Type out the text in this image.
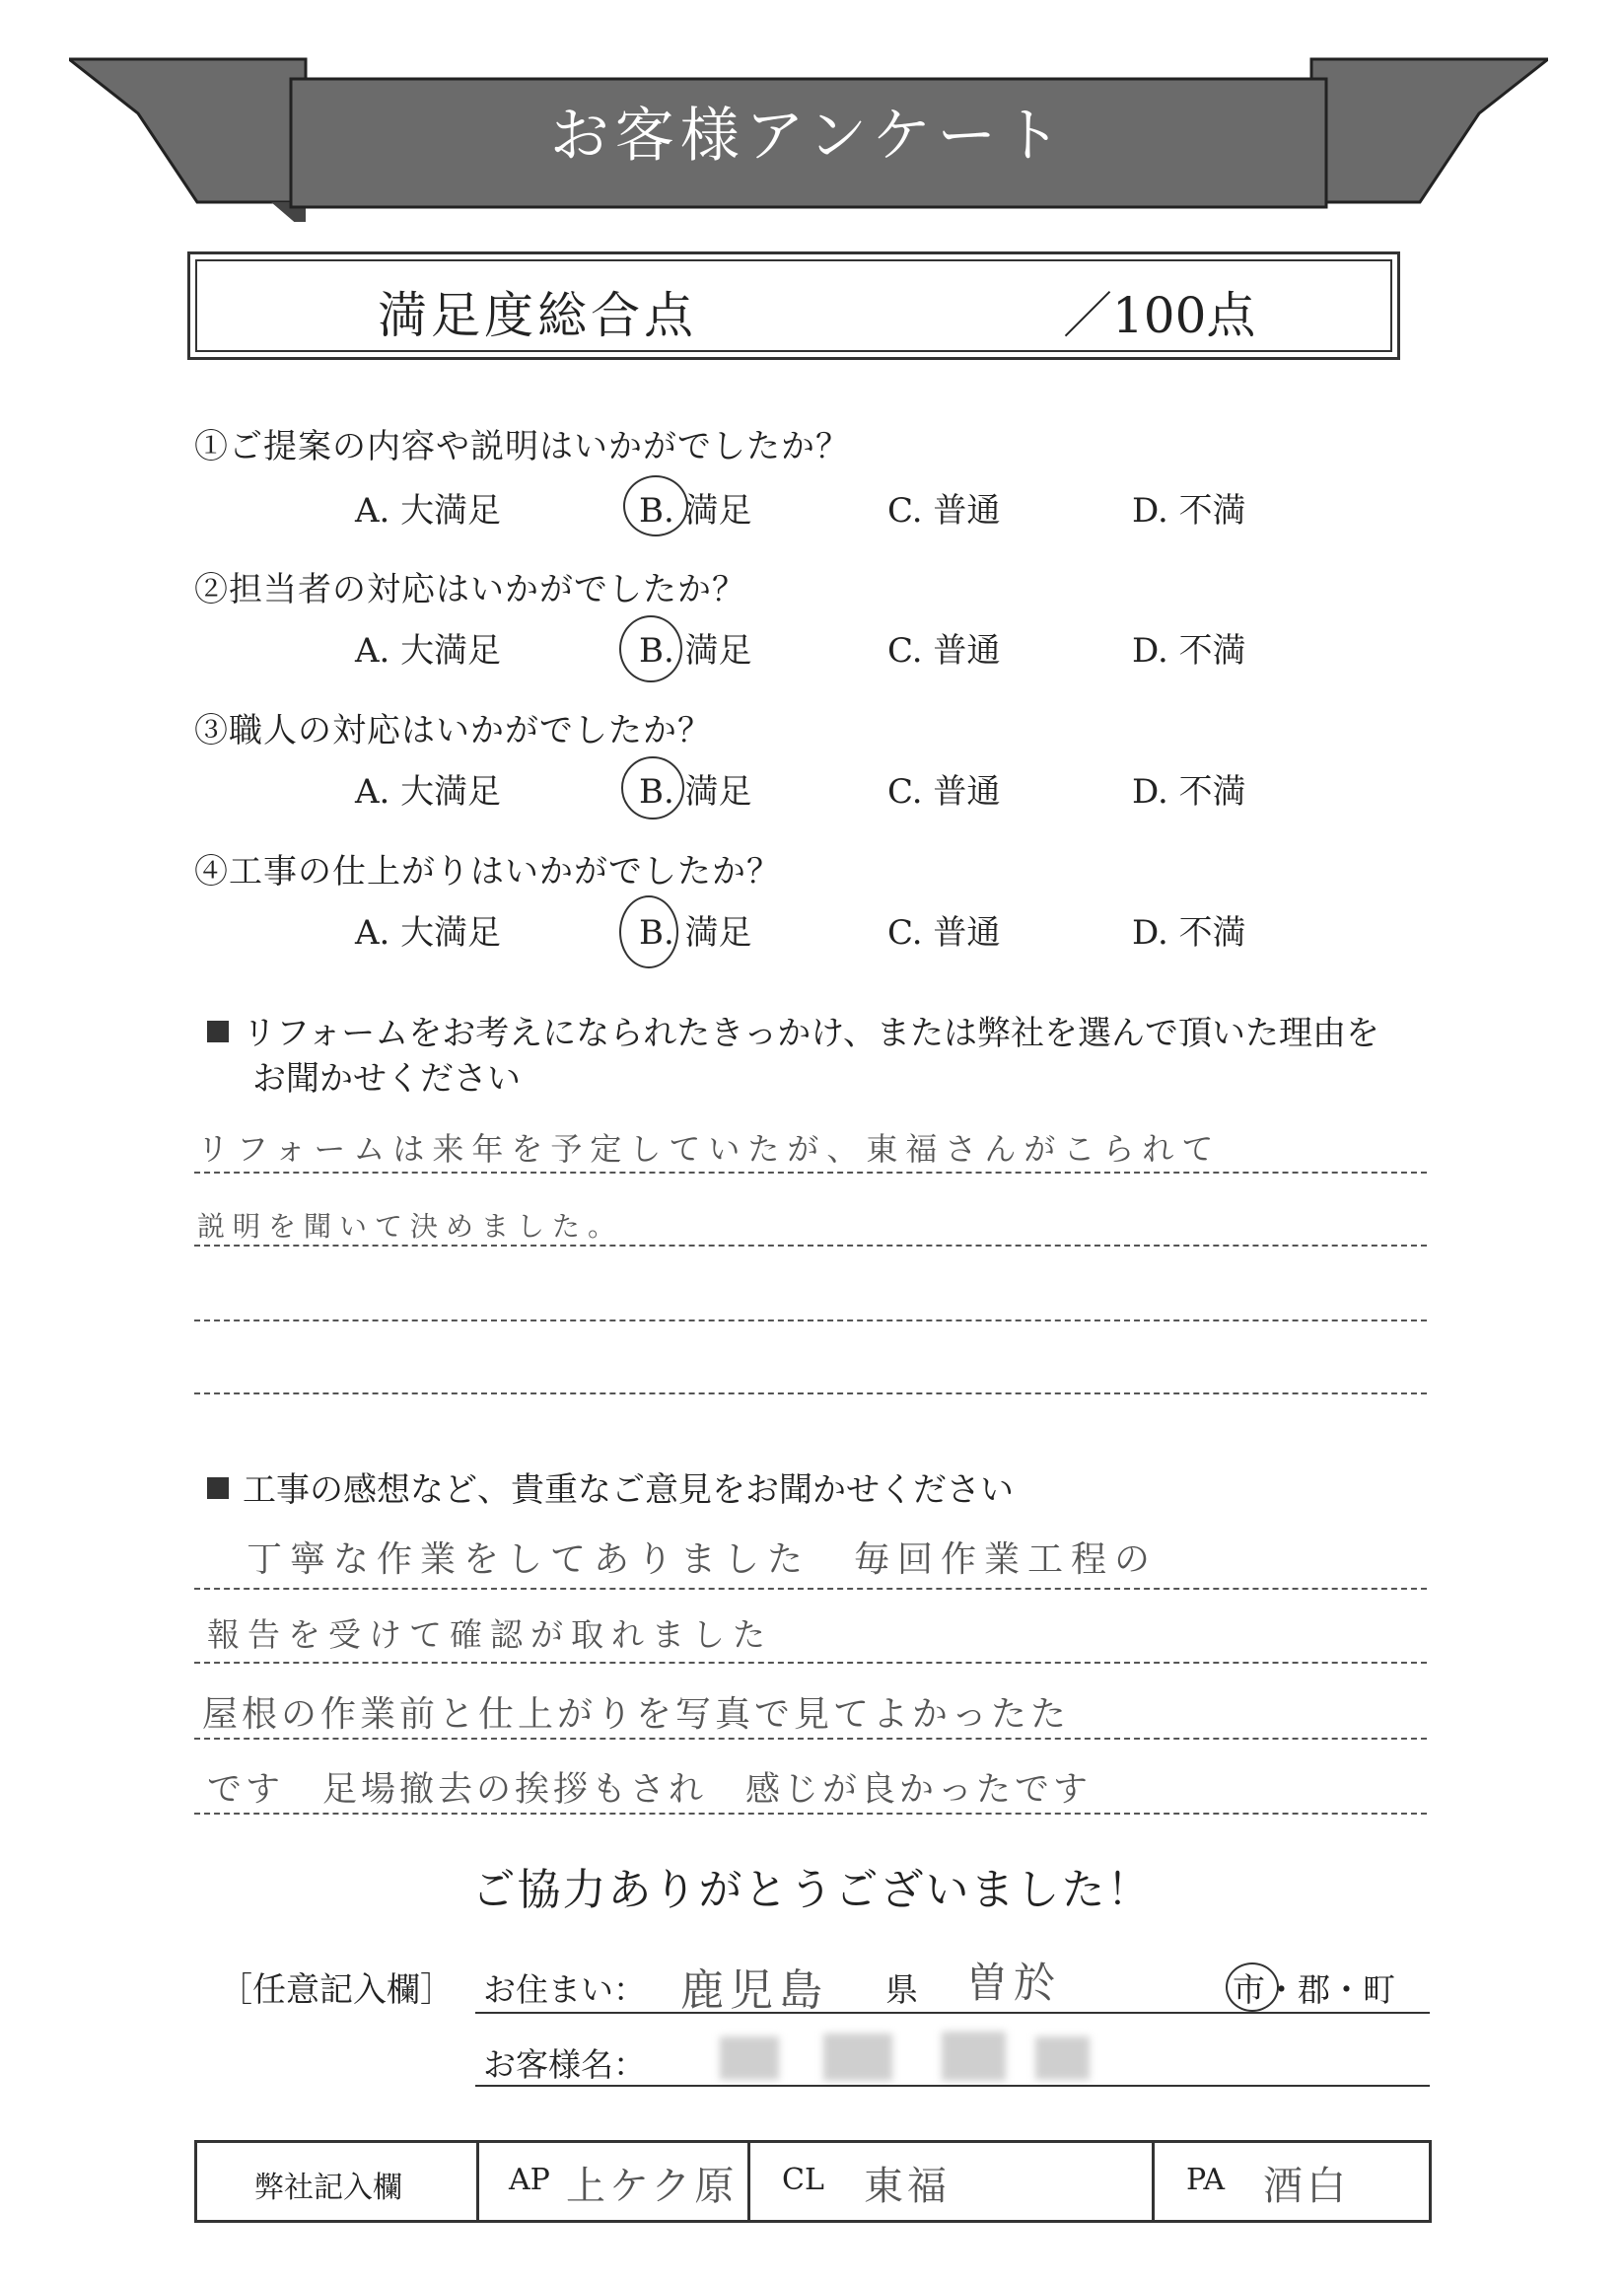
お客様アンケート
満足度総合点	／100点
①ご提案の内容や説明はいかがでしたか？
A. 大満足	B. 満足	C. 普通	D. 不満
②担当者の対応はいかがでしたか？
A. 大満足	B. 満足	C. 普通	D. 不満
③職人の対応はいかがでしたか？
A. 大満足	B. 満足	C. 普通	D. 不満
④工事の仕上がりはいかがでしたか？
A. 大満足	B. 満足	C. 普通	D. 不満
リフォームをお考えになられたきっかけ、または弊社を選んで頂いた理由を
お聞かせください
リフォームは来年を予定していたが、東福さんがこられて
説明を聞いて決めました。
工事の感想など、貴重なご意見をお聞かせください
丁寧な作業をしてありました　毎回作業工程の
報告を受けて確認が取れました
屋根の作業前と仕上がりを写真で見てよかったた
です　足場撤去の挨拶もされ　感じが良かったです
ご協力ありがとうございました！
［任意記入欄］ お住まい： 鹿児島 県 曽於	市・郡・町
お客様名：
弊社記入欄	AP 上ケク原 CL 東福	PA 酒白
